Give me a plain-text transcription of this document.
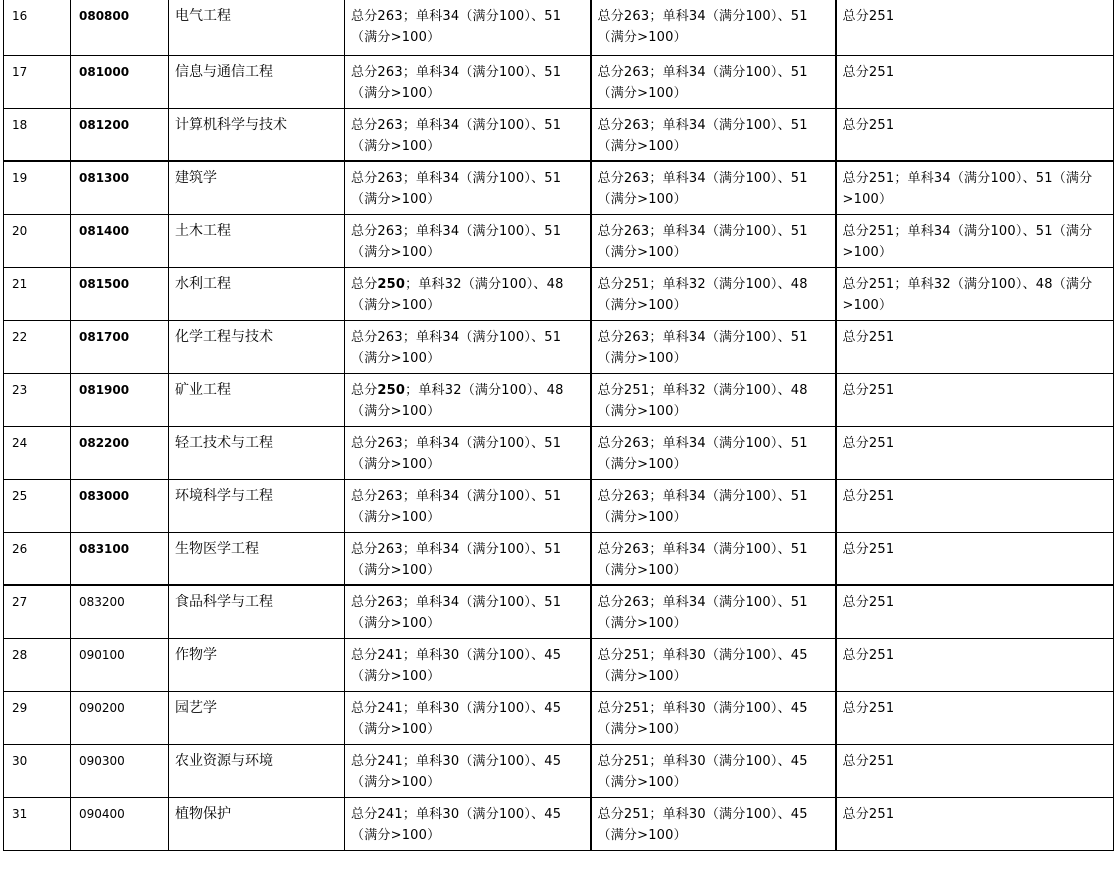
16	080800	电气工程	总分263；单科34（满分100）、51（满分>100）	总分263；单科34（满分100）、51（满分>100）	总分251
17	081000	信息与通信工程	总分263；单科34（满分100）、51（满分>100）	总分263；单科34（满分100）、51（满分>100）	总分251
18	081200	计算机科学与技术	总分263；单科34（满分100）、51（满分>100）	总分263；单科34（满分100）、51（满分>100）	总分251
19	081300	建筑学	总分263；单科34（满分100）、51（满分>100）	总分263；单科34（满分100）、51（满分>100）	总分251；单科34（满分100）、51（满分>100）
20	081400	土木工程	总分263；单科34（满分100）、51（满分>100）	总分263；单科34（满分100）、51（满分>100）	总分251；单科34（满分100）、51（满分>100）
21	081500	水利工程	总分250；单科32（满分100）、48（满分>100）	总分251；单科32（满分100）、48（满分>100）	总分251；单科32（满分100）、48（满分>100）
22	081700	化学工程与技术	总分263；单科34（满分100）、51（满分>100）	总分263；单科34（满分100）、51（满分>100）	总分251
23	081900	矿业工程	总分250；单科32（满分100）、48（满分>100）	总分251；单科32（满分100）、48（满分>100）	总分251
24	082200	轻工技术与工程	总分263；单科34（满分100）、51（满分>100）	总分263；单科34（满分100）、51（满分>100）	总分251
25	083000	环境科学与工程	总分263；单科34（满分100）、51（满分>100）	总分263；单科34（满分100）、51（满分>100）	总分251
26	083100	生物医学工程	总分263；单科34（满分100）、51（满分>100）	总分263；单科34（满分100）、51（满分>100）	总分251
27	083200	食品科学与工程	总分263；单科34（满分100）、51（满分>100）	总分263；单科34（满分100）、51（满分>100）	总分251
28	090100	作物学	总分241；单科30（满分100）、45（满分>100）	总分251；单科30（满分100）、45（满分>100）	总分251
29	090200	园艺学	总分241；单科30（满分100）、45（满分>100）	总分251；单科30（满分100）、45（满分>100）	总分251
30	090300	农业资源与环境	总分241；单科30（满分100）、45（满分>100）	总分251；单科30（满分100）、45（满分>100）	总分251
31	090400	植物保护	总分241；单科30（满分100）、45（满分>100）	总分251；单科30（满分100）、45（满分>100）	总分251
